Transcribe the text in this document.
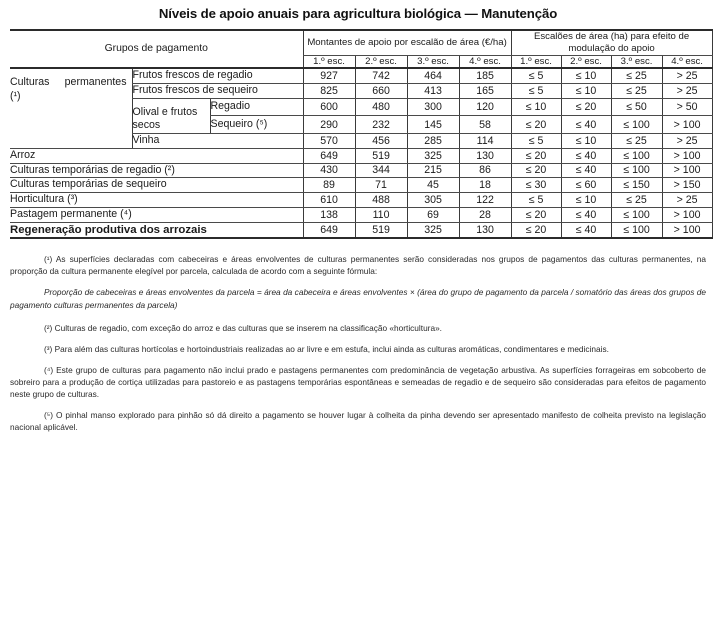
Níveis de apoio anuais para agricultura biológica — Manutenção
Grupos de pagamento			Montantes de apoio por escalão de área (€/ha)				Escalões de área (ha) para efeito de modulação do apoio			
			1.º esc.	2.º esc.	3.º esc.	4.º esc.	1.º esc.	2.º esc.	3.º esc.	4.º esc.
Culturas permanentes (¹)	Frutos frescos de regadio		927	742	464	185	≤ 5	≤ 10	≤ 25	> 25
	Frutos frescos de sequeiro		825	660	413	165	≤ 5	≤ 10	≤ 25	> 25
	Olival e frutos secos	Regadio	600	480	300	120	≤ 10	≤ 20	≤ 50	> 50
		Sequeiro (⁵)	290	232	145	58	≤ 20	≤ 40	≤ 100	> 100
	Vinha		570	456	285	114	≤ 5	≤ 10	≤ 25	> 25
Arroz			649	519	325	130	≤ 20	≤ 40	≤ 100	> 100
Culturas temporárias de regadio (²)			430	344	215	86	≤ 20	≤ 40	≤ 100	> 100
Culturas temporárias de sequeiro			89	71	45	18	≤ 30	≤ 60	≤ 150	> 150
Horticultura (³)			610	488	305	122	≤ 5	≤ 10	≤ 25	> 25
Pastagem permanente (⁴)			138	110	69	28	≤ 20	≤ 40	≤ 100	> 100
Regeneração produtiva dos arrozais			649	519	325	130	≤ 20	≤ 40	≤ 100	> 100
(¹) As superfícies declaradas com cabeceiras e áreas envolventes de culturas permanentes serão consideradas nos grupos de pagamentos das culturas permanentes, na proporção da cultura permanente elegível por parcela, calculada de acordo com a seguinte fórmula:
Proporção de cabeceiras e áreas envolventes da parcela = área da cabeceira e áreas envolventes × (área do grupo de pagamento da parcela / somatório das áreas dos grupos de pagamento culturas permanentes da parcela)
(²) Culturas de regadio, com exceção do arroz e das culturas que se inserem na classificação «horticultura».
(³) Para além das culturas hortícolas e hortoindustriais realizadas ao ar livre e em estufa, inclui ainda as culturas aromáticas, condimentares e medicinais.
(⁴) Este grupo de culturas para pagamento não inclui prado e pastagens permanentes com predominância de vegetação arbustiva. As superfícies forrageiras em sobcoberto de sobreiro para a produção de cortiça utilizadas para pastoreio e as pastagens temporárias espontâneas e semeadas de regadio e de sequeiro são consideradas para efeitos de pagamento neste grupo de culturas.
(⁵) O pinhal manso explorado para pinhão só dá direito a pagamento se houver lugar à colheita da pinha devendo ser apresentado manifesto de colheita previsto na legislação nacional aplicável.
